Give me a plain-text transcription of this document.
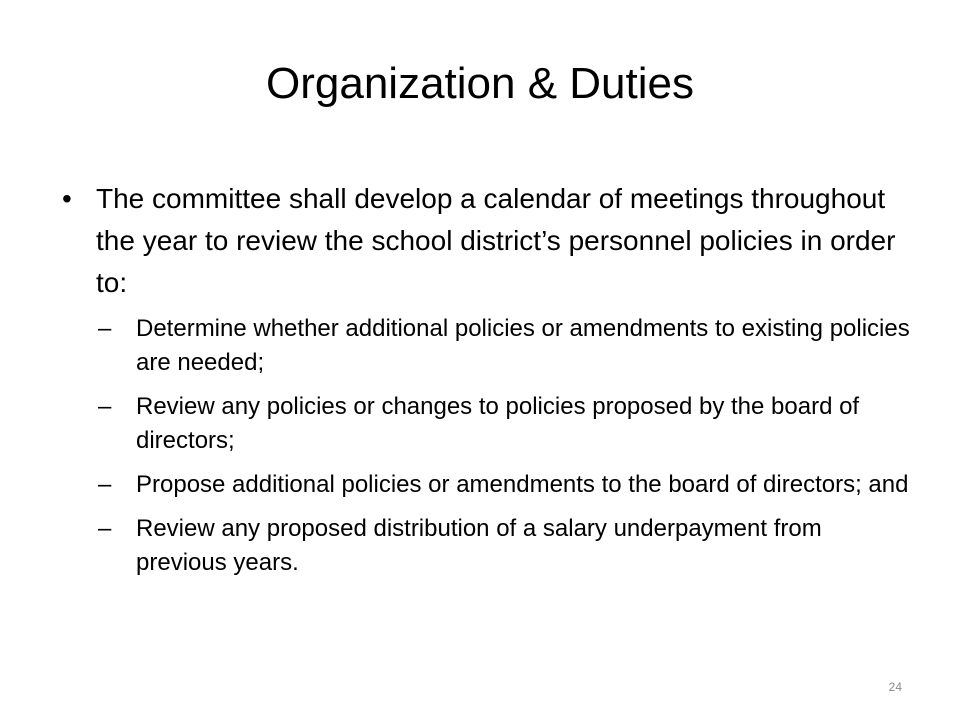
Organization & Duties
• The committee shall develop a calendar of meetings throughout the year to review the school district’s personnel policies in order to:
– Determine whether additional policies or amendments to existing policies are needed;
– Review any policies or changes to policies proposed by the board of directors;
– Propose additional policies or amendments to the board of directors; and
– Review any proposed distribution of a salary underpayment from previous years.
24
